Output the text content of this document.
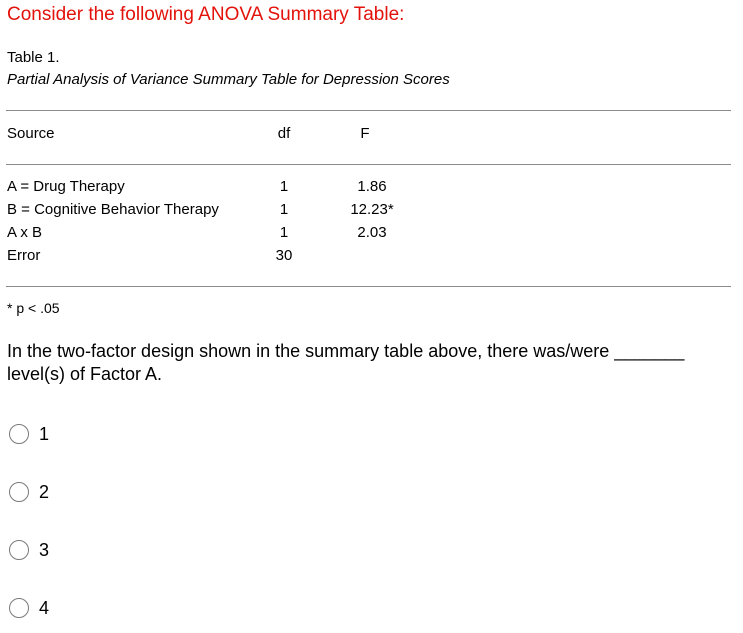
Consider the following ANOVA Summary Table:
Table 1.
Partial Analysis of Variance Summary Table for Depression Scores
Source	df	F
A = Drug Therapy	1	1.86
B = Cognitive Behavior Therapy	1	12.23*
A x B	1	2.03
Error	30
* p < .05
In the two-factor design shown in the summary table above, there was/were _______ level(s) of Factor A.
1
2
3
4
